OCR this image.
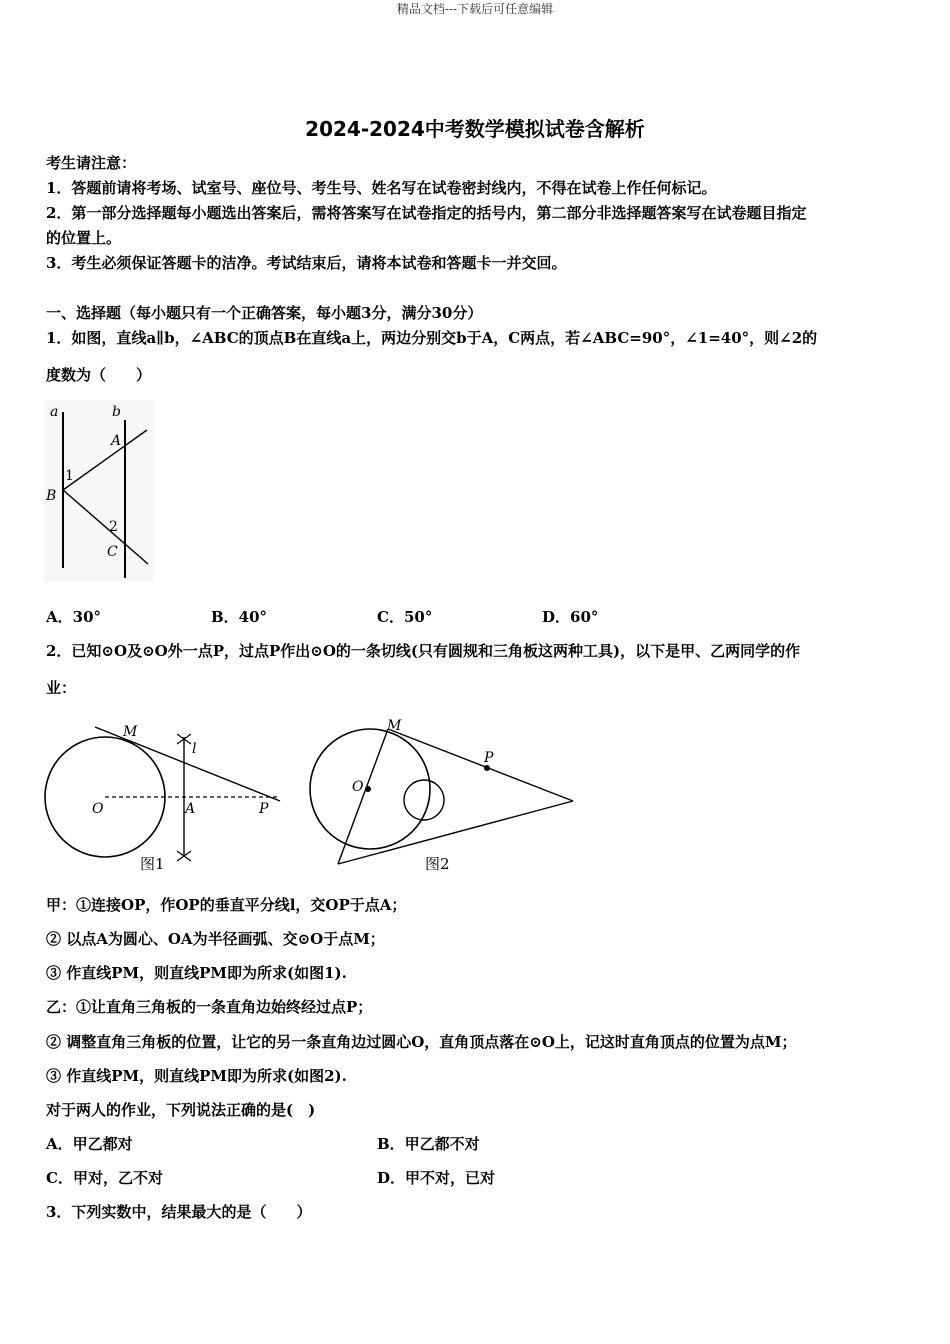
精品文档---下载后可任意编辑
2024-2024中考数学模拟试卷含解析
考生请注意：
1．答题前请将考场、试室号、座位号、考生号、姓名写在试卷密封线内，不得在试卷上作任何标记。
2．第一部分选择题每小题选出答案后，需将答案写在试卷指定的括号内，第二部分非选择题答案写在试卷题目指定
的位置上。
3．考生必须保证答题卡的洁净。考试结束后，请将本试卷和答题卡一并交回。
一、选择题（每小题只有一个正确答案，每小题3分，满分30分）
1．如图，直线a∥b，∠ABC的顶点B在直线a上，两边分别交b于A，C两点，若∠ABC=90°，∠1=40°，则∠2的
度数为（　　）
a	b
A
1
B
2
C
A．30°	B．40°	C．50°	D．60°
2．已知⊙O及⊙O外一点P，过点P作出⊙O的一条切线(只有圆规和三角板这两种工具)，以下是甲、乙两同学的作
业：
M
l
O	A	P
图1
M
P
O
图2
甲：①连接OP，作OP的垂直平分线l，交OP于点A；
② 以点A为圆心、OA为半径画弧、交⊙O于点M；
③ 作直线PM，则直线PM即为所求(如图1).
乙：①让直角三角板的一条直角边始终经过点P；
② 调整直角三角板的位置，让它的另一条直角边过圆心O，直角顶点落在⊙O上，记这时直角顶点的位置为点M；
③ 作直线PM，则直线PM即为所求(如图2).
对于两人的作业，下列说法正确的是(　)
A．甲乙都对	B．甲乙都不对
C．甲对，乙不对	D．甲不对，已对
3．下列实数中，结果最大的是（　　）
